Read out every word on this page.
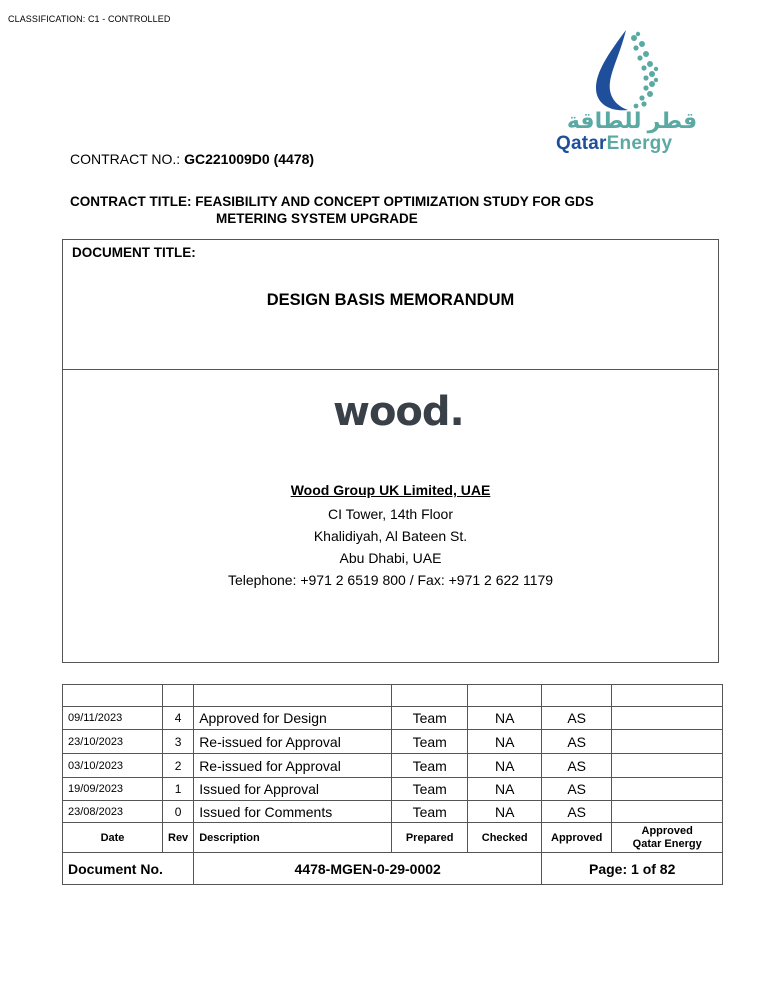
CLASSIFICATION: C1 - CONTROLLED
قطر للطاقة
QatarEnergy
CONTRACT NO.: GC221009D0 (4478)
CONTRACT TITLE: FEASIBILITY AND CONCEPT OPTIMIZATION STUDY FOR GDS
METERING SYSTEM UPGRADE
DOCUMENT TITLE:
DESIGN BASIS MEMORANDUM
wood.
Wood Group UK Limited, UAE
CI Tower, 14th Floor
Khalidiyah, Al Bateen St.
Abu Dhabi, UAE
Telephone: +971 2 6519 800 / Fax: +971 2 622 1179

09/11/2023	4	Approved for Design	Team	NA	AS	
23/10/2023	3	Re-issued for Approval	Team	NA	AS	
03/10/2023	2	Re-issued for Approval	Team	NA	AS	
19/09/2023	1	Issued for Approval	Team	NA	AS	
23/08/2023	0	Issued for Comments	Team	NA	AS	
Date	Rev	Description	Prepared	Checked	Approved	Approved
Qatar Energy
Document No.		4478-MGEN-0-29-0002			Page: 1 of 82	
